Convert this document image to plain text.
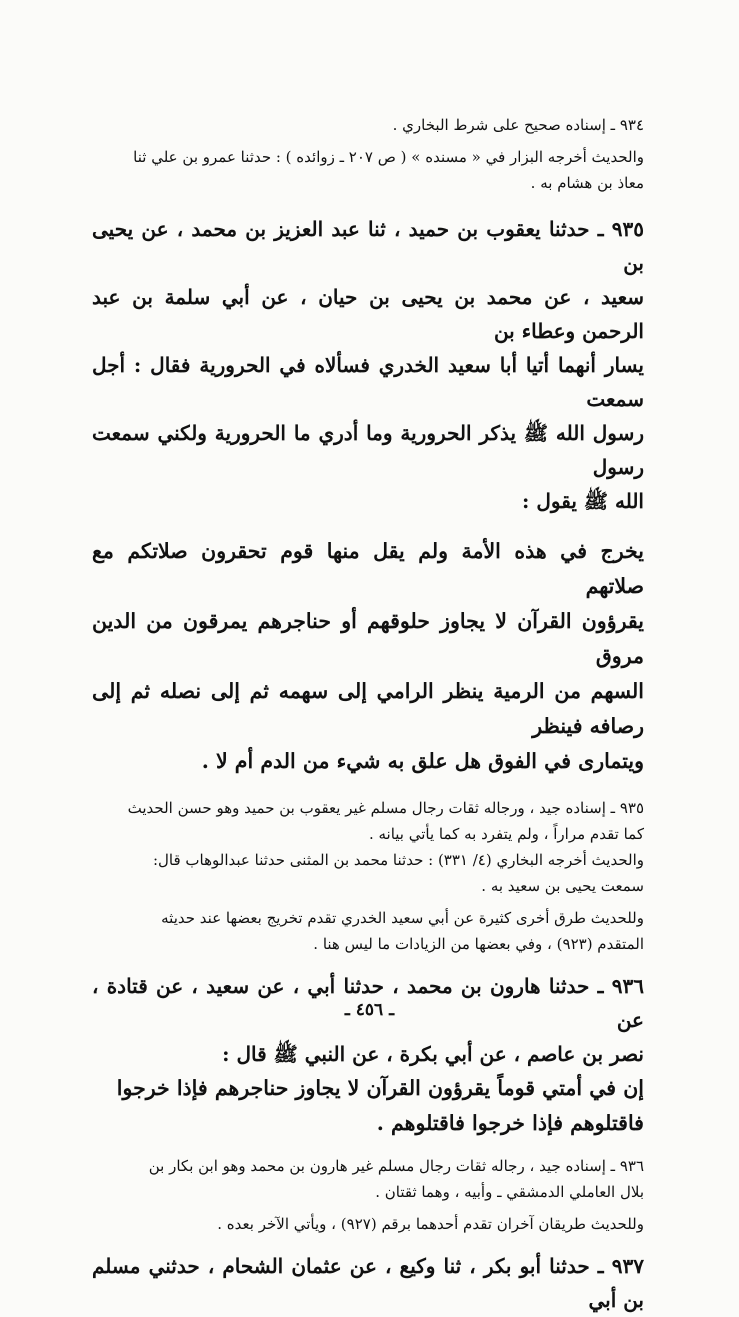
٩٣٤ ـ إسناده صحيح على شرط البخاري .
والحديث أخرجه البزار في « مسنده » ( ص ٢٠٧ ـ زوائده ) : حدثنا عمرو بن علي ثنا
معاذ بن هشام به .
٩٣٥ ـ حدثنا يعقوب بن حميد ، ثنا عبد العزيز بن محمد ، عن يحيى بن
سعيد ، عن محمد بن يحيى بن حيان ، عن أبي سلمة بن عبد الرحمن وعطاء بن
يسار أنهما أتيا أبا سعيد الخدري فسألاه في الحرورية فقال : أجل سمعت
رسول الله ﷺ يذكر الحرورية وما أدري ما الحرورية ولكني سمعت رسول
الله ﷺ يقول :
يخرج في هذه الأمة ولم يقل منها قوم تحقرون صلاتكم مع صلاتهم
يقرؤون القرآن لا يجاوز حلوقهم أو حناجرهم يمرقون من الدين مروق
السهم من الرمية ينظر الرامي إلى سهمه ثم إلى نصله ثم إلى رصافه فينظر
ويتمارى في الفوق هل علق به شيء من الدم أم لا .
٩٣٥ ـ إسناده جيد ، ورجاله ثقات رجال مسلم غير يعقوب بن حميد وهو حسن الحديث
كما تقدم مراراً ، ولم يتفرد به كما يأتي بيانه .
والحديث أخرجه البخاري (٤/ ٣٣١) : حدثنا محمد بن المثنى حدثنا عبدالوهاب قال:
سمعت يحيى بن سعيد به .
وللحديث طرق أخرى كثيرة عن أبي سعيد الخدري تقدم تخريج بعضها عند حديثه
المتقدم (٩٢٣) ، وفي بعضها من الزيادات ما ليس هنا .
٩٣٦ ـ حدثنا هارون بن محمد ، حدثنا أبي ، عن سعيد ، عن قتادة ، عن
نصر بن عاصم ، عن أبي بكرة ، عن النبي ﷺ قال :
إن في أمتي قوماً يقرؤون القرآن لا يجاوز حناجرهم فإذا خرجوا
فاقتلوهم فإذا خرجوا فاقتلوهم .
٩٣٦ ـ إسناده جيد ، رجاله ثقات رجال مسلم غير هارون بن محمد وهو ابن بكار بن
بلال العاملي الدمشقي ـ وأبيه ، وهما ثقتان .
وللحديث طريقان آخران تقدم أحدهما برقم (٩٢٧) ، ويأتي الآخر بعده .
٩٣٧ ـ حدثنا أبو بكر ، ثنا وكيع ، عن عثمان الشحام ، حدثني مسلم بن أبي
ـ ٤٥٦ ـ
